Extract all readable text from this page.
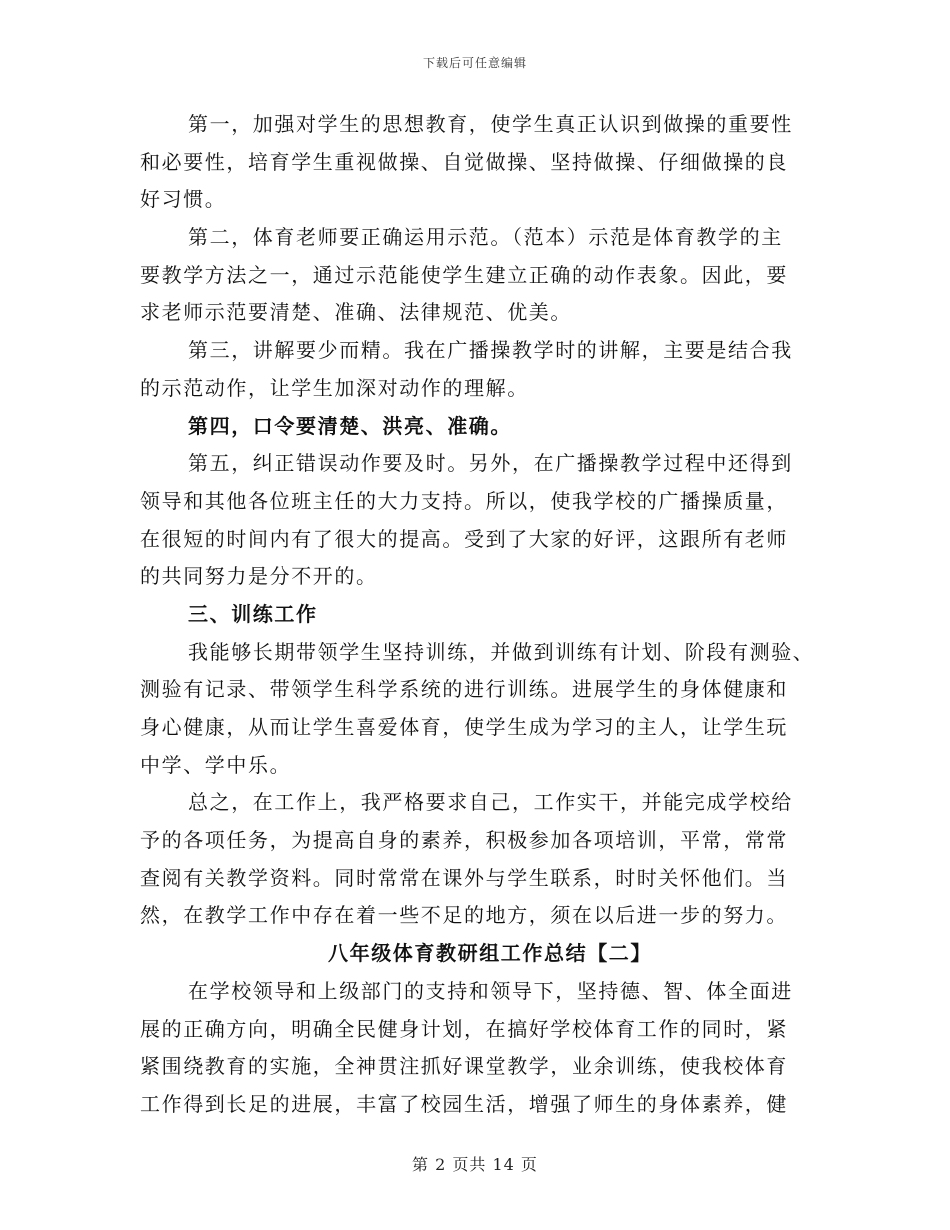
下载后可任意编辑
第一，加强对学生的思想教育，使学生真正认识到做操的重要性
和必要性，培育学生重视做操、自觉做操、坚持做操、仔细做操的良
好习惯。
第二，体育老师要正确运用示范。（范本）示范是体育教学的主
要教学方法之一，通过示范能使学生建立正确的动作表象。因此，要
求老师示范要清楚、准确、法律规范、优美。
第三，讲解要少而精。我在广播操教学时的讲解，主要是结合我
的示范动作，让学生加深对动作的理解。
第四，口令要清楚、洪亮、准确。
第五，纠正错误动作要及时。另外，在广播操教学过程中还得到
领导和其他各位班主任的大力支持。所以，使我学校的广播操质量，
在很短的时间内有了很大的提高。受到了大家的好评，这跟所有老师
的共同努力是分不开的。
三、训练工作
我能够长期带领学生坚持训练，并做到训练有计划、阶段有测验、
测验有记录、带领学生科学系统的进行训练。进展学生的身体健康和
身心健康，从而让学生喜爱体育，使学生成为学习的主人，让学生玩
中学、学中乐。
总之，在工作上，我严格要求自己，工作实干，并能完成学校给
予的各项任务，为提高自身的素养，积极参加各项培训，平常，常常
查阅有关教学资料。同时常常在课外与学生联系，时时关怀他们。当
然，在教学工作中存在着一些不足的地方，须在以后进一步的努力。
八年级体育教研组工作总结【二】
在学校领导和上级部门的支持和领导下，坚持德、智、体全面进
展的正确方向，明确全民健身计划，在搞好学校体育工作的同时，紧
紧围绕教育的实施，全神贯注抓好课堂教学，业余训练，使我校体育
工作得到长足的进展，丰富了校园生活，增强了师生的身体素养，健
第 2 页共 14 页
